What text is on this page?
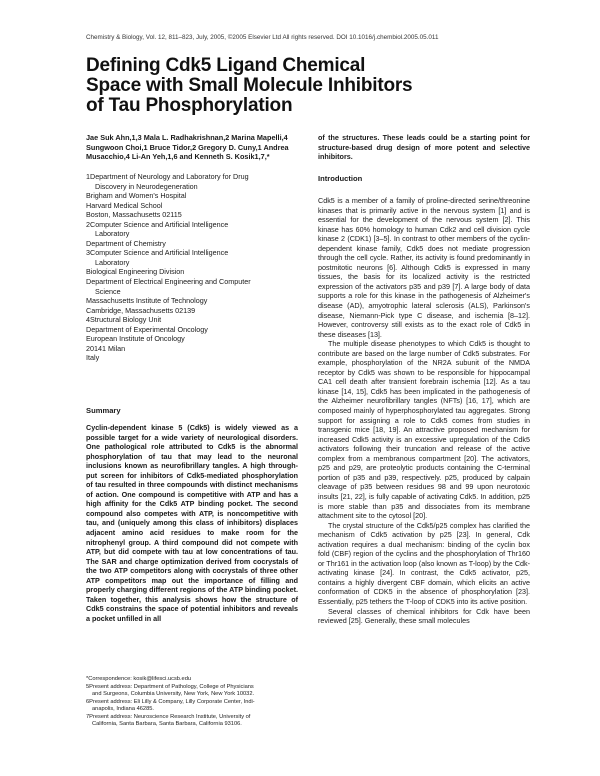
Chemistry & Biology, Vol. 12, 811–823, July, 2005, ©2005 Elsevier Ltd All rights reserved. DOI 10.1016/j.chembiol.2005.05.011
Defining Cdk5 Ligand Chemical Space with Small Molecule Inhibitors of Tau Phosphorylation
Jae Suk Ahn,1,3 Mala L. Radhakrishnan,2 Marina Mapelli,4 Sungwoon Choi,1 Bruce Tidor,2 Gregory D. Cuny,1 Andrea Musacchio,4 Li-An Yeh,1,6 and Kenneth S. Kosik1,7,*

1Department of Neurology and Laboratory for Drug

Discovery in Neurodegeneration

Brigham and Women's Hospital

Harvard Medical School

Boston, Massachusetts 02115

2Computer Science and Artificial Intelligence

Laboratory

Department of Chemistry

3Computer Science and Artificial Intelligence

Laboratory

Biological Engineering Division

Department of Electrical Engineering and Computer

Science

Massachusetts Institute of Technology

Cambridge, Massachusetts 02139

4Structural Biology Unit

Department of Experimental Oncology

European Institute of Oncology

20141 Milan

Italy

Summary

Cyclin-dependent kinase 5 (Cdk5) is widely viewed as a possible target for a wide variety of neurological disorders. One pathological role attributed to Cdk5 is the abnormal phosphorylation of tau that may lead to the neuronal inclusions known as neurofibrillary tangles. A high through-put screen for inhibitors of Cdk5-mediated phosphorylation of tau resulted in three compounds with distinct mechanisms of action. One compound is competitive with ATP and has a high affinity for the Cdk5 ATP binding pocket. The second compound also competes with ATP, is noncompetitive with tau, and (uniquely among this class of inhibitors) displaces adjacent amino acid residues to make room for the nitrophenyl group. A third compound did not compete with ATP, but did compete with tau at low concentrations of tau. The SAR and charge optimization derived from cocrystals of the two ATP competitors along with cocrystals of three other ATP competitors map out the importance of filling and properly charging different regions of the ATP binding pocket. Taken together, this analysis shows how the structure of Cdk5 constrains the space of potential inhibitors and reveals a pocket unfilled in all

*Correspondence: kosik@lifesci.ucsb.edu

5Present address: Department of Pathology, College of Physicians

and Surgeons, Columbia University, New York, New York 10032.

6Present address: Eli Lilly & Company, Lilly Corporate Center, Indi-

anapolis, Indiana 46285.

7Present address: Neuroscience Research Institute, University of

California, Santa Barbara, Santa Barbara, California 93106.

of the structures. These leads could be a starting point for structure-based drug design of more potent and selective inhibitors.

Introduction

Cdk5 is a member of a family of proline-directed serine/threonine kinases that is primarily active in the nervous system [1] and is essential for the development of the nervous system [2]. This kinase has 60% homology to human Cdk2 and cell division cycle kinase 2 (CDK1) [3–5]. In contrast to other members of the cyclin-dependent kinase family, Cdk5 does not mediate progression through the cell cycle. Rather, its activity is found predominantly in postmitotic neurons [6]. Although Cdk5 is expressed in many tissues, the basis for its localized activity is the restricted expression of the activators p35 and p39 [7]. A large body of data supports a role for this kinase in the pathogenesis of Alzheimer's disease (AD), amyotrophic lateral sclerosis (ALS), Parkinson's disease, Niemann-Pick type C disease, and ischemia [8–12]. However, controversy still exists as to the exact role of Cdk5 in these diseases [13].

The multiple disease phenotypes to which Cdk5 is thought to contribute are based on the large number of Cdk5 substrates. For example, phosphorylation of the NR2A subunit of the NMDA receptor by Cdk5 was shown to be responsible for hippocampal CA1 cell death after transient forebrain ischemia [12]. As a tau kinase [14, 15], Cdk5 has been implicated in the pathogenesis of the Alzheimer neurofibrillary tangles (NFTs) [16, 17], which are composed mainly of hyperphosphorylated tau aggregates. Strong support for assigning a role to Cdk5 comes from studies in transgenic mice [18, 19]. An attractive proposed mechanism for increased Cdk5 activity is an excessive upregulation of the Cdk5 activators following their truncation and release of the active complex from a membranous compartment [20]. The activators, p25 and p29, are proteolytic products containing the C-terminal portion of p35 and p39, respectively. p25, produced by calpain cleavage of p35 between residues 98 and 99 upon neurotoxic insults [21, 22], is fully capable of activating Cdk5. In addition, p25 is more stable than p35 and dissociates from its membrane attachment site to the cytosol [20].

The crystal structure of the Cdk5/p25 complex has clarified the mechanism of Cdk5 activation by p25 [23]. In general, Cdk activation requires a dual mechanism: binding of the cyclin box fold (CBF) region of the cyclins and the phosphorylation of Thr160 or Thr161 in the activation loop (also known as T-loop) by the Cdk-activating kinase [24]. In contrast, the Cdk5 activator, p25, contains a highly divergent CBF domain, which elicits an active conformation of CDK5 in the absence of phosphorylation [23]. Essentially, p25 tethers the T-loop of CDK5 into its active position.

Several classes of chemical inhibitors for Cdk have been reviewed [25]. Generally, these small molecules
